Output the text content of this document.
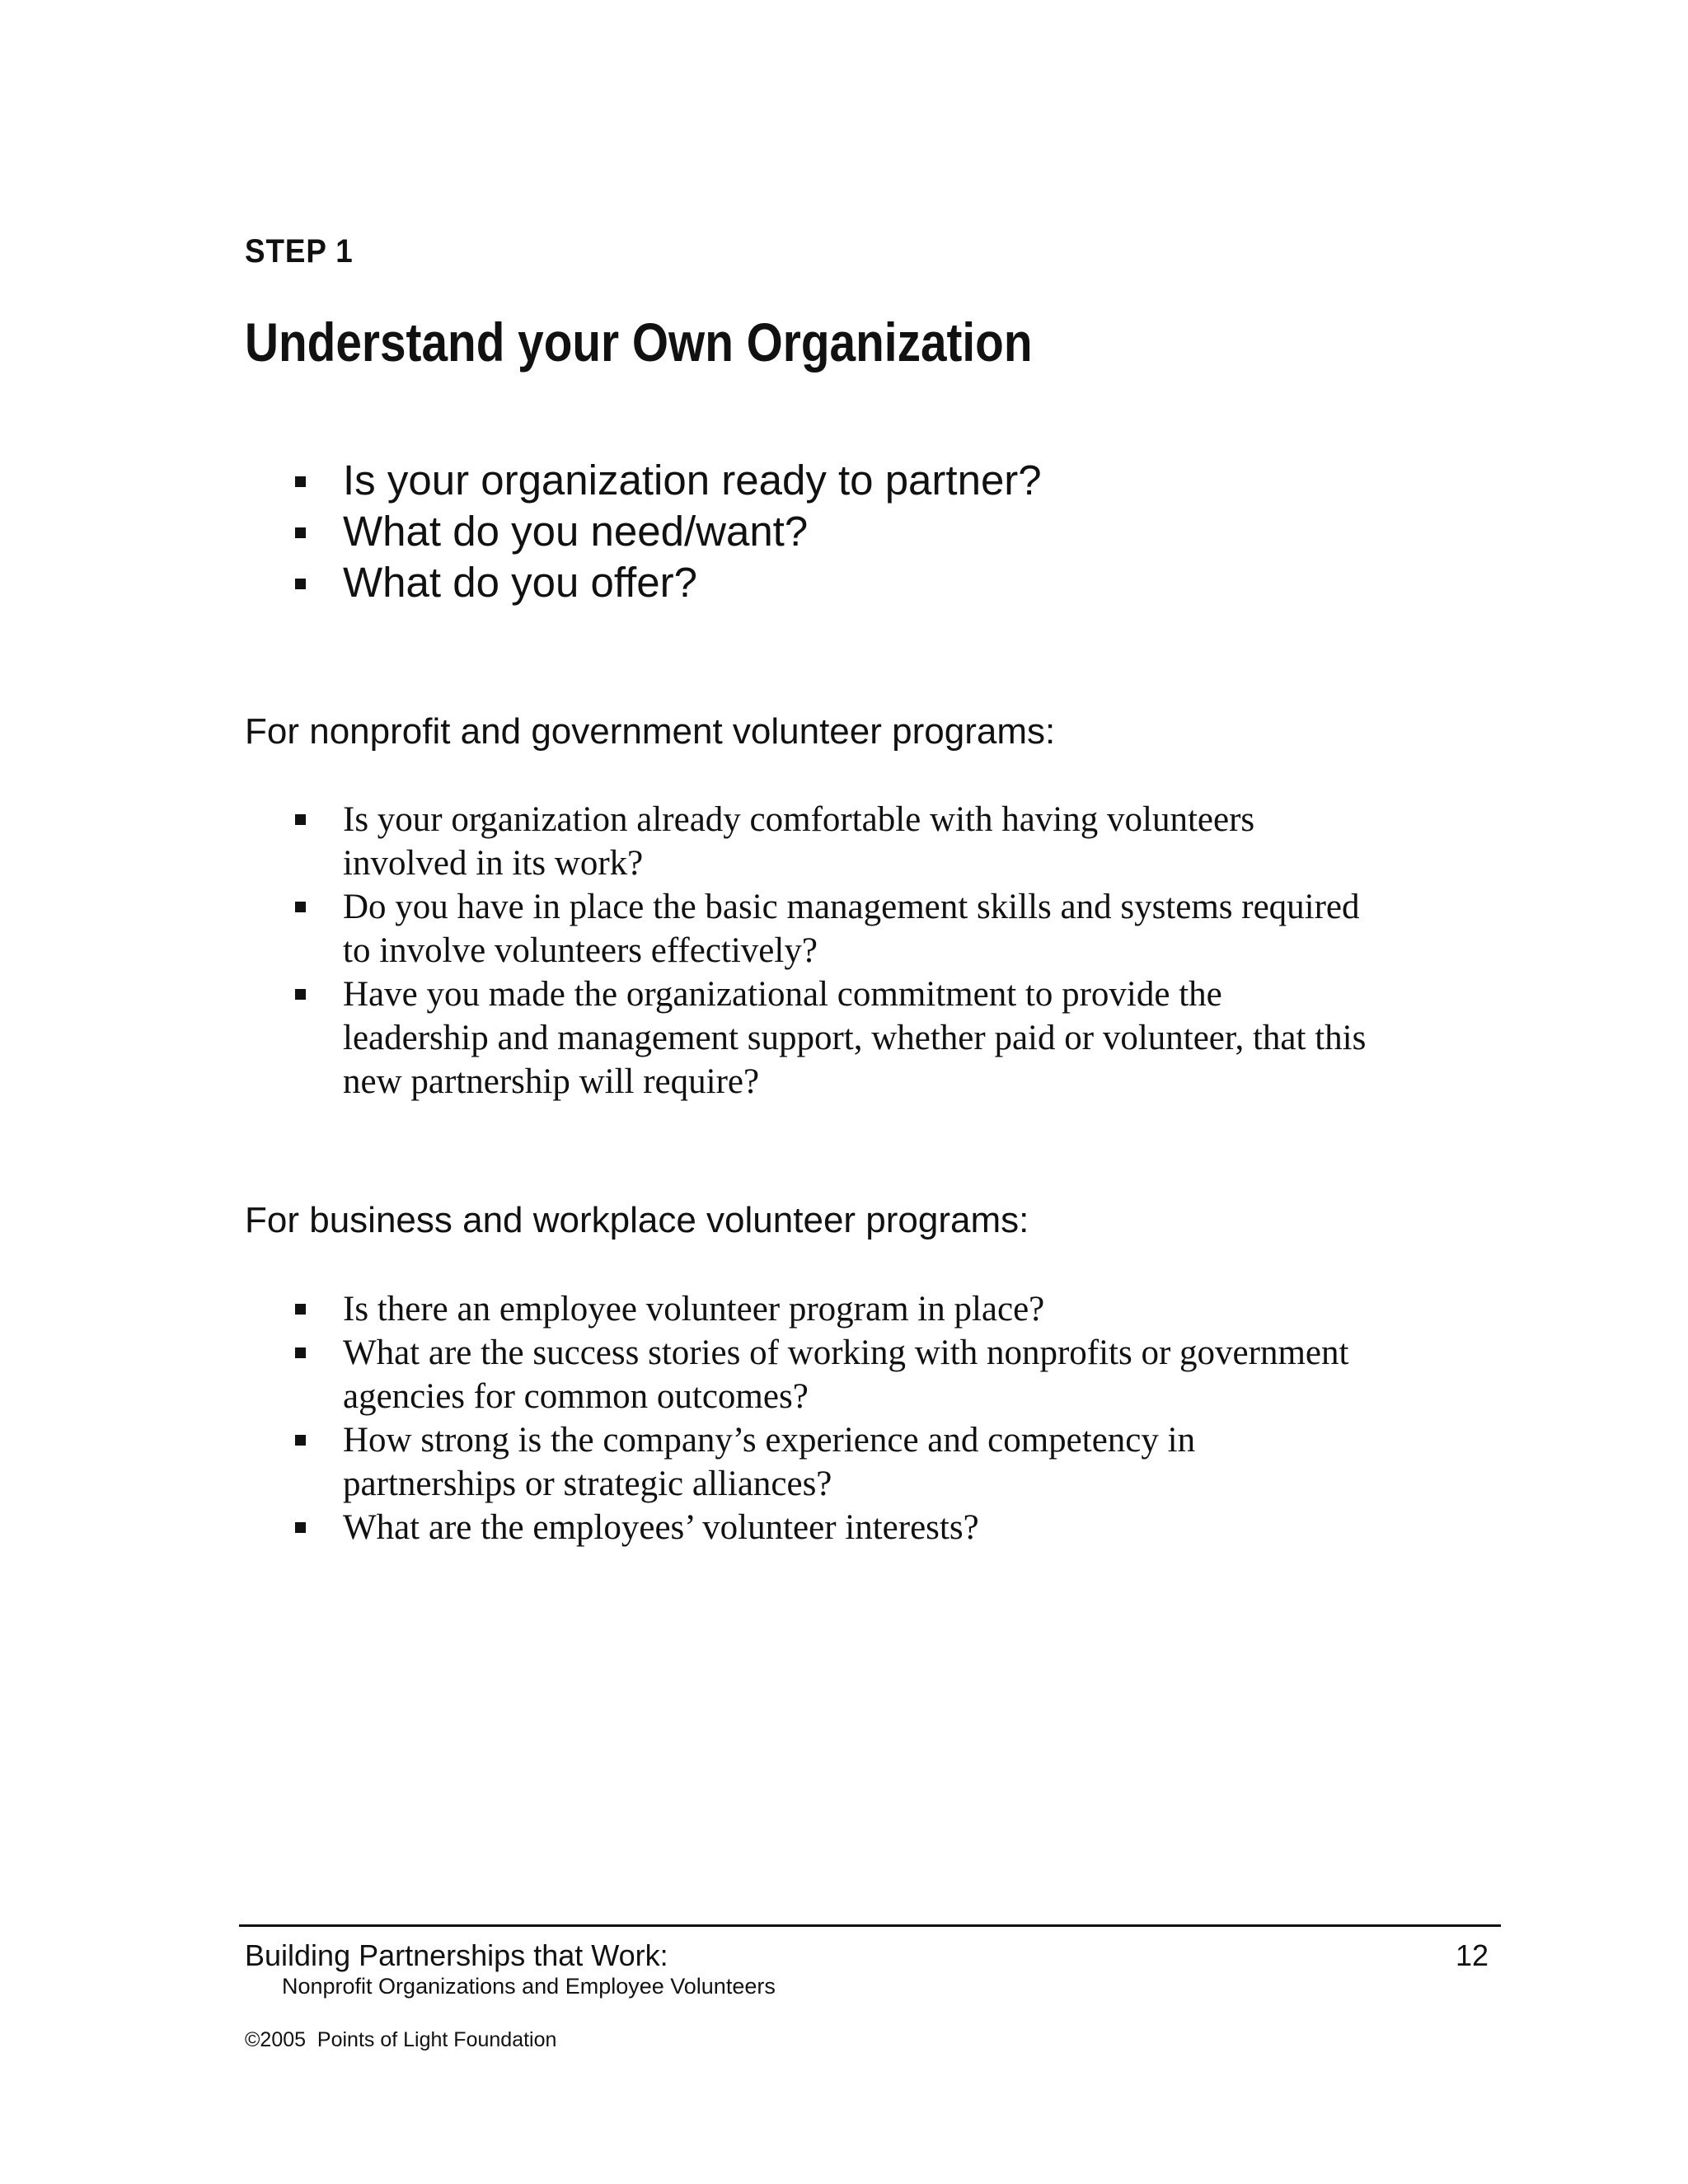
STEP 1
Understand your Own Organization
Is your organization ready to partner?
What do you need/want?
What do you offer?
For nonprofit and government volunteer programs:
Is your organization already comfortable with having volunteers involved in its work?
Do you have in place the basic management skills and systems required to involve volunteers effectively?
Have you made the organizational commitment to provide the leadership and management support, whether paid or volunteer, that this new partnership will require?
For business and workplace volunteer programs:
Is there an employee volunteer program in place?
What are the success stories of working with nonprofits or government agencies for common outcomes?
How strong is the company’s experience and competency in partnerships or strategic alliances?
What are the employees’ volunteer interests?
Building Partnerships that Work:
Nonprofit Organizations and Employee Volunteers
12
©2005  Points of Light Foundation
